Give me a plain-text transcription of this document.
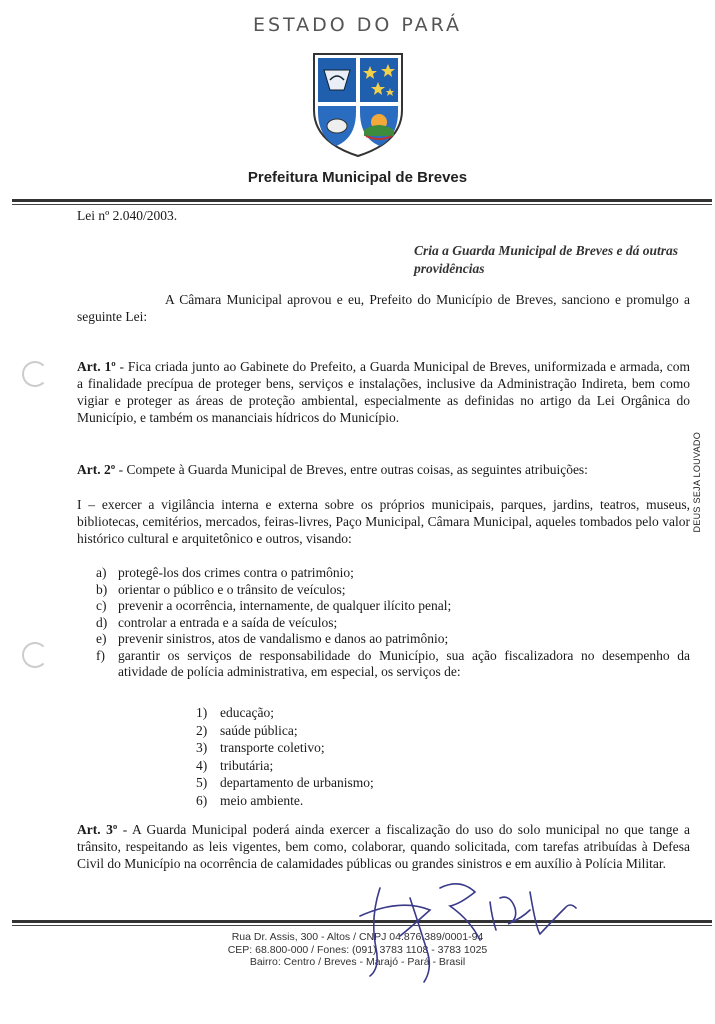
ESTADO DO PARÁ
Prefeitura Municipal de Breves
DEUS SEJA LOUVADO
Lei nº 2.040/2003.
Cria a Guarda Municipal de Breves e dá outras providências
A Câmara Municipal aprovou e eu, Prefeito do Município de Breves, sanciono e promulgo a seguinte Lei:
Art. 1º - Fica criada junto ao Gabinete do Prefeito, a Guarda Municipal de Breves, uniformizada e armada, com a finalidade precípua de proteger bens, serviços e instalações, inclusive da Administração Indireta, bem como vigiar e proteger as áreas de proteção ambiental, especialmente as definidas no artigo da Lei Orgânica do Município, e também os mananciais hídricos do Município.
Art. 2º - Compete à Guarda Municipal de Breves, entre outras coisas, as seguintes atribuições:
I – exercer a vigilância interna e externa sobre os próprios municipais, parques, jardins, teatros, museus, bibliotecas, cemitérios, mercados, feiras-livres, Paço Municipal, Câmara Municipal, aqueles tombados pelo valor histórico cultural e arquitetônico e outros, visando:
a) protegê-los dos crimes contra o patrimônio;
b) orientar o público e o trânsito de veículos;
c) prevenir a ocorrência, internamente, de qualquer ilícito penal;
d) controlar a entrada e a saída de veículos;
e) prevenir sinistros, atos de vandalismo e danos ao patrimônio;
f) garantir os serviços de responsabilidade do Município, sua ação fiscalizadora no desempenho da atividade de polícia administrativa, em especial, os serviços de:
1) educação;
2) saúde pública;
3) transporte coletivo;
4) tributária;
5) departamento de urbanismo;
6) meio ambiente.
Art. 3º - A Guarda Municipal poderá ainda exercer a fiscalização do uso do solo municipal no que tange a trânsito, respeitando as leis vigentes, bem como, colaborar, quando solicitada, com tarefas atribuídas à Defesa Civil do Município na ocorrência de calamidades públicas ou grandes sinistros e em auxílio à Polícia Militar.
Rua Dr. Assis, 300 - Altos / CNPJ 04.876.389/0001-94
CEP: 68.800-000 / Fones: (091) 3783 1108 - 3783 1025
Bairro: Centro / Breves - Marajó - Pará - Brasil
